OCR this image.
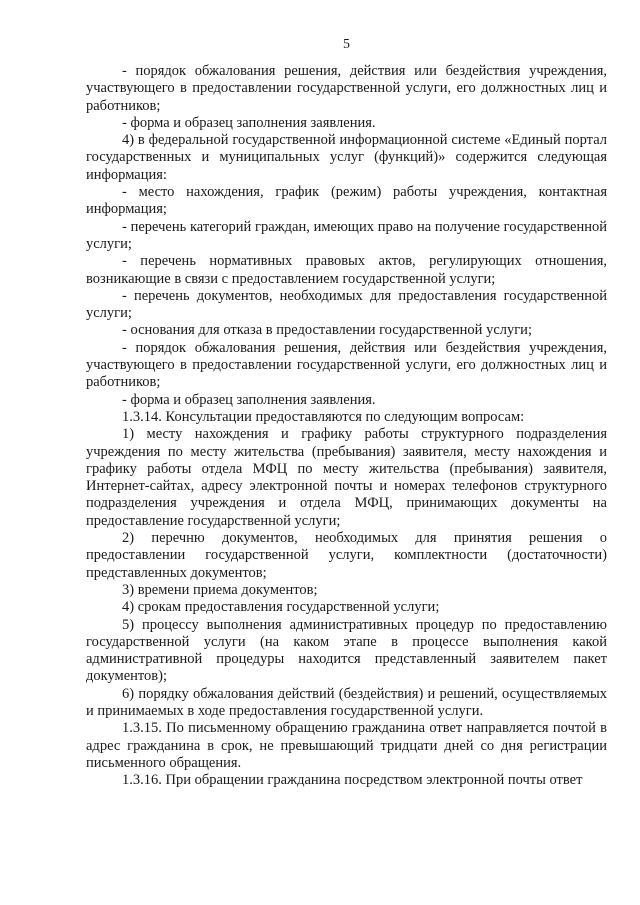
5

- порядок обжалования решения, действия или бездействия учреждения, участвующего в предоставлении государственной услуги, его должностных лиц и работников;

- форма и образец заполнения заявления.

4) в федеральной государственной информационной системе «Единый портал государственных и муниципальных услуг (функций)» содержится следующая информация:

- место нахождения, график (режим) работы учреждения, контактная информация;

- перечень категорий граждан, имеющих право на получение государственной услуги;

- перечень нормативных правовых актов, регулирующих отношения, возникающие в связи с предоставлением государственной услуги;

- перечень документов, необходимых для предоставления государственной услуги;

- основания для отказа в предоставлении государственной услуги;

- порядок обжалования решения, действия или бездействия учреждения, участвующего в предоставлении государственной услуги, его должностных лиц и работников;

- форма и образец заполнения заявления.

1.3.14. Консультации предоставляются по следующим вопросам:

1) месту нахождения и графику работы структурного подразделения учреждения по месту жительства (пребывания) заявителя, месту нахождения и графику работы отдела МФЦ по месту жительства (пребывания) заявителя, Интернет-сайтах, адресу электронной почты и номерах телефонов структурного подразделения учреждения и отдела МФЦ, принимающих документы на предоставление государственной услуги;

2) перечню документов, необходимых для принятия решения о предоставлении государственной услуги, комплектности (достаточности) представленных документов;

3) времени приема документов;

4) срокам предоставления государственной услуги;

5) процессу выполнения административных процедур по предоставлению государственной услуги (на каком этапе в процессе выполнения какой административной процедуры находится представленный заявителем пакет документов);

6) порядку обжалования действий (бездействия) и решений, осуществляемых и принимаемых в ходе предоставления государственной услуги.

1.3.15. По письменному обращению гражданина ответ направляется почтой в адрес гражданина в срок, не превышающий тридцати дней со дня регистрации письменного обращения.

1.3.16. При обращении гражданина посредством электронной почты ответ
